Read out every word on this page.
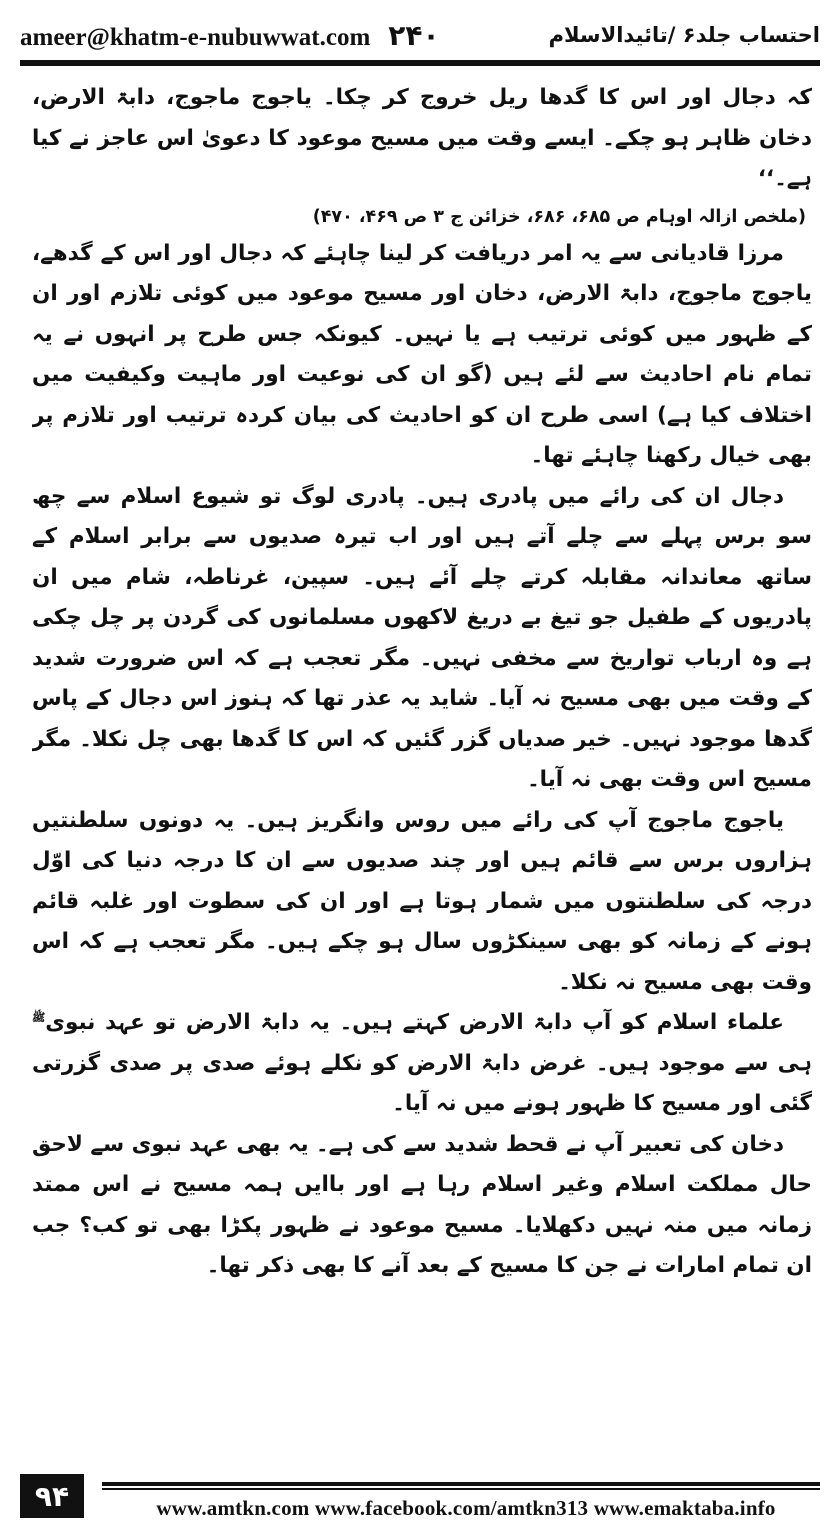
ameer@khatm-e-nubuwwat.com ۲۴۰	احتساب جلد۶ /تائیدالاسلام

کہ دجال اور اس کا گدھا ریل خروج کر چکا۔ یاجوج ماجوج، دابۃ الارض، دخان ظاہر ہو چکے۔ ایسے وقت میں مسیح موعود کا دعویٰ اس عاجز نے کیا ہے۔‘‘

(ملخص ازالہ اوہام ص ۶۸۵، ۶۸۶، خزائن ج ۳ ص ۴۶۹، ۴۷۰)

مرزا قادیانی سے یہ امر دریافت کر لینا چاہئے کہ دجال اور اس کے گدھے، یاجوج ماجوج، دابۃ الارض، دخان اور مسیح موعود میں کوئی تلازم اور ان کے ظہور میں کوئی ترتیب ہے یا نہیں۔ کیونکہ جس طرح پر انہوں نے یہ تمام نام احادیث سے لئے ہیں (گو ان کی نوعیت اور ماہیت وکیفیت میں اختلاف کیا ہے) اسی طرح ان کو احادیث کی بیان کردہ ترتیب اور تلازم پر بھی خیال رکھنا چاہئے تھا۔

دجال ان کی رائے میں پادری ہیں۔ پادری لوگ تو شیوع اسلام سے چھ سو برس پہلے سے چلے آتے ہیں اور اب تیرہ صدیوں سے برابر اسلام کے ساتھ معاندانہ مقابلہ کرتے چلے آئے ہیں۔ سپین، غرناطہ، شام میں ان پادریوں کے طفیل جو تیغ بے دریغ لاکھوں مسلمانوں کی گردن پر چل چکی ہے وہ ارباب تواریخ سے مخفی نہیں۔ مگر تعجب ہے کہ اس ضرورت شدید کے وقت میں بھی مسیح نہ آیا۔ شاید یہ عذر تھا کہ ہنوز اس دجال کے پاس گدھا موجود نہیں۔ خیر صدیاں گزر گئیں کہ اس کا گدھا بھی چل نکلا۔ مگر مسیح اس وقت بھی نہ آیا۔

یاجوج ماجوج آپ کی رائے میں روس وانگریز ہیں۔ یہ دونوں سلطنتیں ہزاروں برس سے قائم ہیں اور چند صدیوں سے ان کا درجہ دنیا کی اوّل درجہ کی سلطنتوں میں شمار ہوتا ہے اور ان کی سطوت اور غلبہ قائم ہونے کے زمانہ کو بھی سینکڑوں سال ہو چکے ہیں۔ مگر تعجب ہے کہ اس وقت بھی مسیح نہ نکلا۔

علماء اسلام کو آپ دابۃ الارض کہتے ہیں۔ یہ دابۃ الارض تو عہد نبوی$^ﷺ$ ہی سے موجود ہیں۔ غرض دابۃ الارض کو نکلے ہوئے صدی پر صدی گزرتی گئی اور مسیح کا ظہور ہونے میں نہ آیا۔

دخان کی تعبیر آپ نے قحط شدید سے کی ہے۔ یہ بھی عہد نبوی سے لاحق حال مملکت اسلام وغیر اسلام رہا ہے اور باایں ہمہ مسیح نے اس ممتد زمانہ میں منہ نہیں دکھلایا۔ مسیح موعود نے ظہور پکڑا بھی تو کب؟ جب ان تمام امارات نے جن کا مسیح کے بعد آنے کا بھی ذکر تھا۔

۹۴	www.amtkn.com www.facebook.com/amtkn313 www.emaktaba.info
